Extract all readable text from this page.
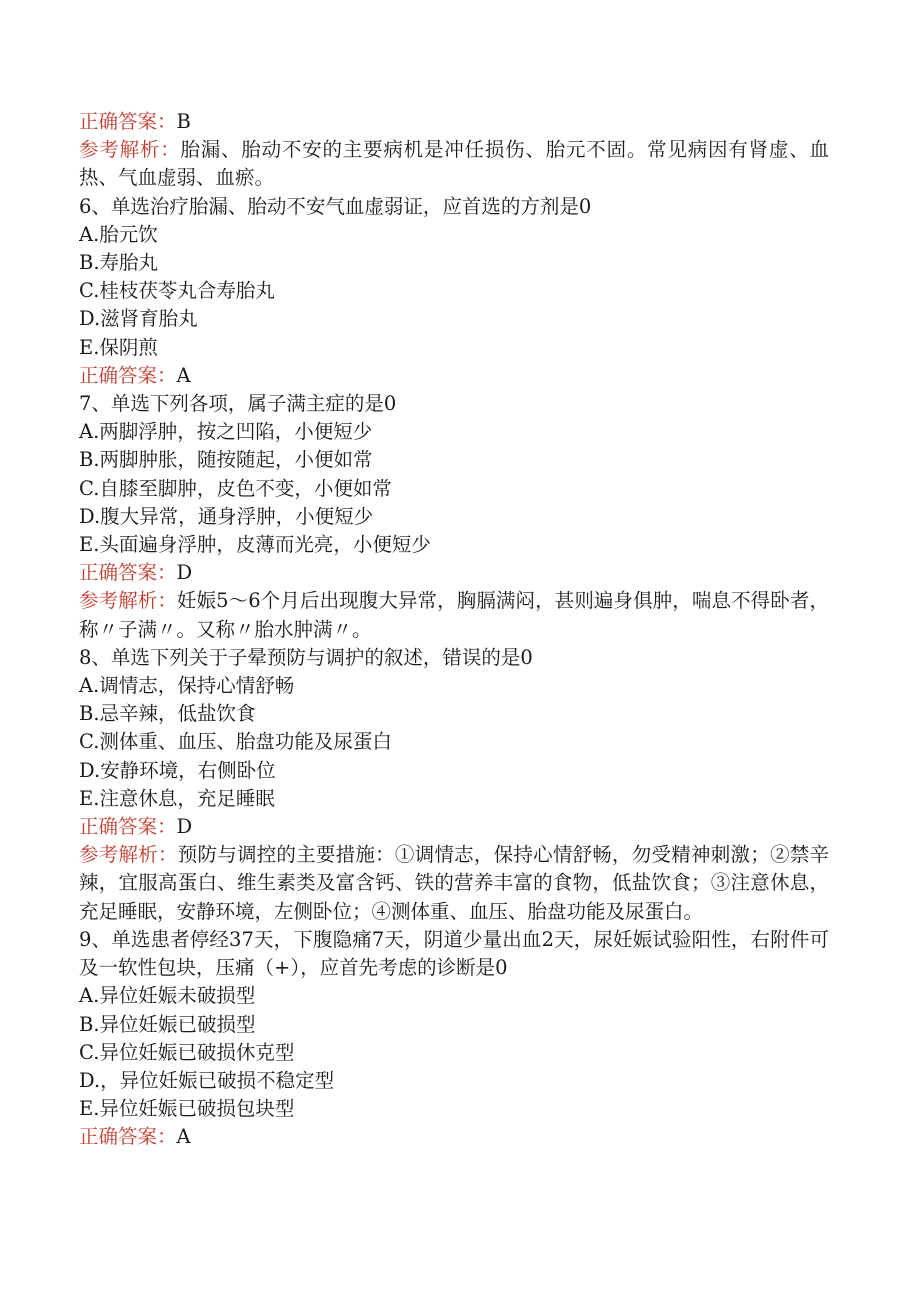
正确答案：B
参考解析：胎漏、胎动不安的主要病机是冲任损伤、胎元不固。常见病因有肾虚、血热、气血虚弱、血瘀。
6、单选治疗胎漏、胎动不安气血虚弱证，应首选的方剂是0
A.胎元饮
B.寿胎丸
C.桂枝茯苓丸合寿胎丸
D.滋肾育胎丸
E.保阴煎
正确答案：A
7、单选下列各项，属子满主症的是0
A.两脚浮肿，按之凹陷，小便短少
B.两脚肿胀，随按随起，小便如常
C.自膝至脚肿，皮色不变，小便如常
D.腹大异常，通身浮肿，小便短少
E.头面遍身浮肿，皮薄而光亮，小便短少
正确答案：D
参考解析：妊娠5～6个月后出现腹大异常，胸膈满闷，甚则遍身俱肿，喘息不得卧者，称〃子满〃。又称〃胎水肿满〃。
8、单选下列关于子晕预防与调护的叙述，错误的是0
A.调情志，保持心情舒畅
B.忌辛辣，低盐饮食
C.测体重、血压、胎盘功能及尿蛋白
D.安静环境，右侧卧位
E.注意休息，充足睡眠
正确答案：D
参考解析：预防与调控的主要措施：①调情志，保持心情舒畅，勿受精神刺激；②禁辛辣，宜服高蛋白、维生素类及富含钙、铁的营养丰富的食物，低盐饮食；③注意休息，充足睡眠，安静环境，左侧卧位；④测体重、血压、胎盘功能及尿蛋白。
9、单选患者停经37天，下腹隐痛7天，阴道少量出血2天，尿妊娠试验阳性，右附件可及一软性包块，压痛（+），应首先考虑的诊断是0
A.异位妊娠未破损型
B.异位妊娠已破损型
C.异位妊娠已破损休克型
D.，异位妊娠已破损不稳定型
E.异位妊娠已破损包块型
正确答案：A
